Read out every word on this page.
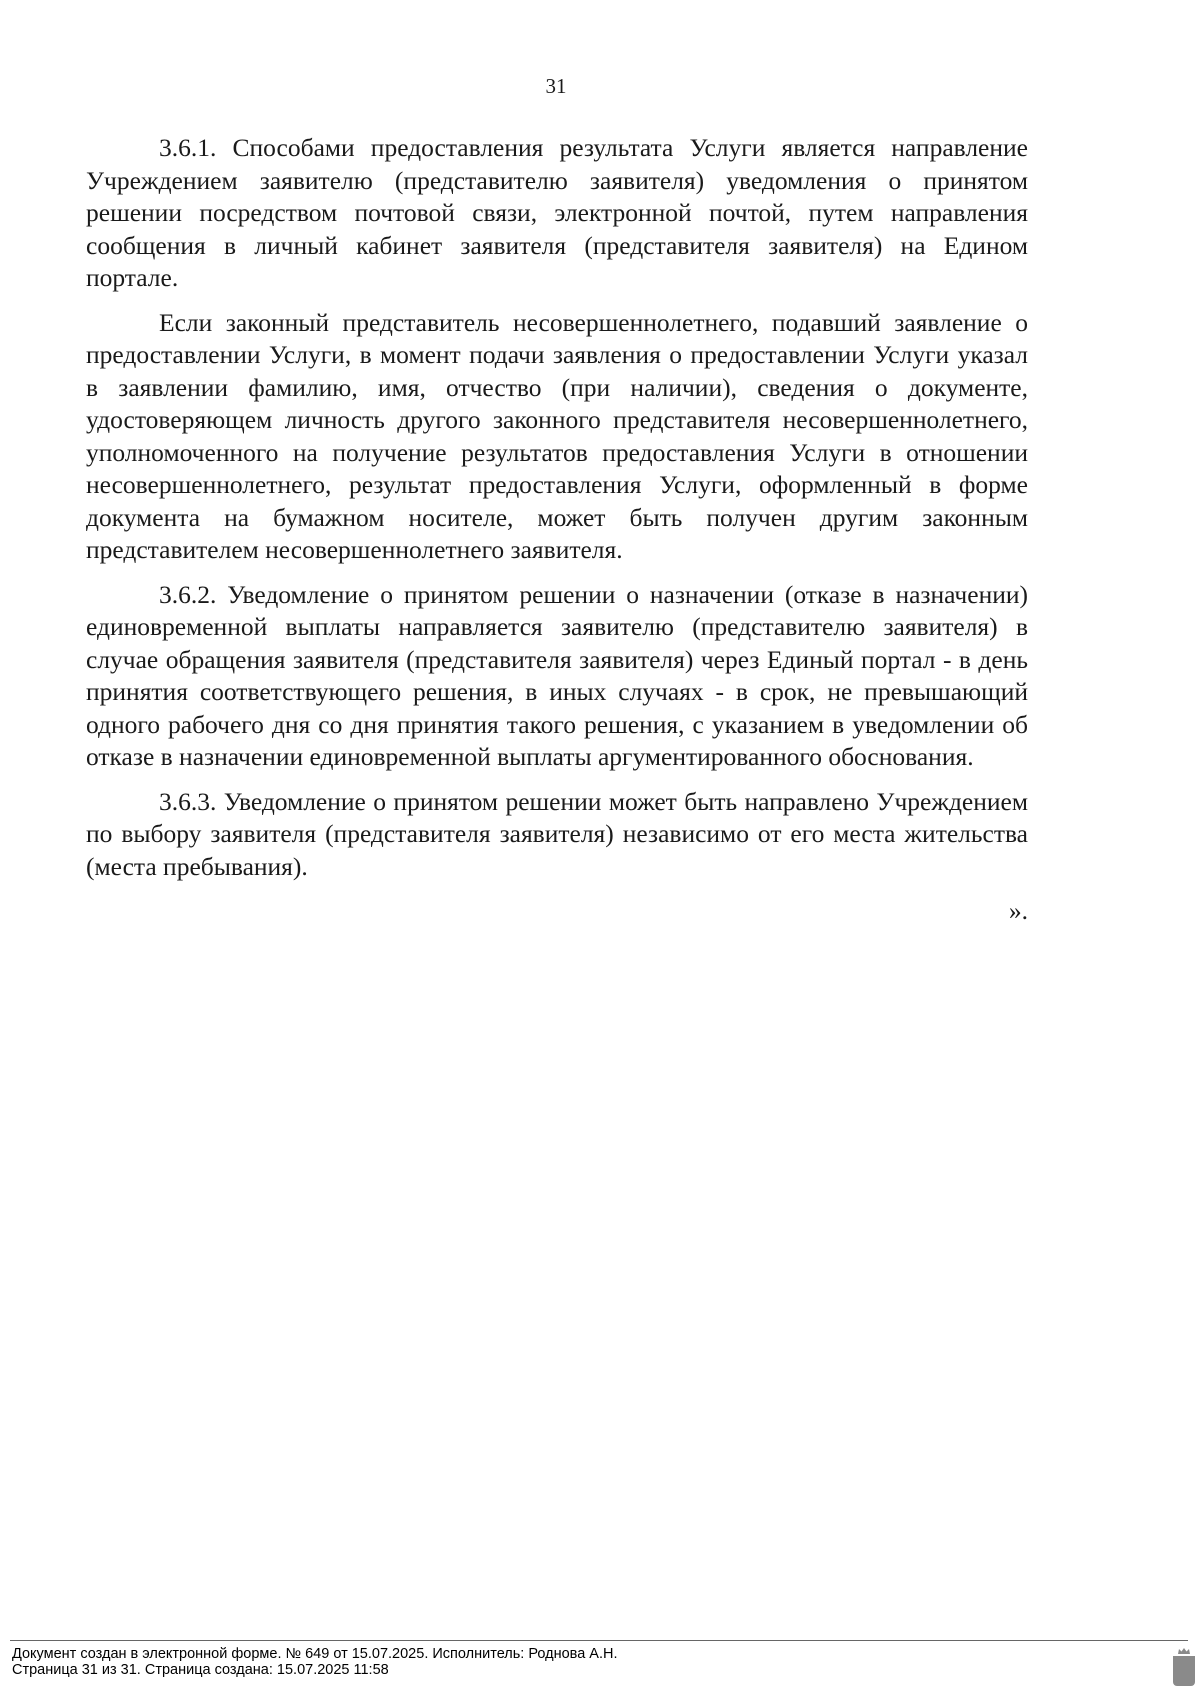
31

3.6.1. Способами предоставления результата Услуги является направление Учреждением заявителю (представителю заявителя) уведомления о принятом решении посредством почтовой связи, электронной почтой, путем направления сообщения в личный кабинет заявителя (представителя заявителя) на Едином портале.

Если законный представитель несовершеннолетнего, подавший заявление о предоставлении Услуги, в момент подачи заявления о предоставлении Услуги указал в заявлении фамилию, имя, отчество (при наличии), сведения о документе, удостоверяющем личность другого законного представителя несовершеннолетнего, уполномоченного на получение результатов предоставления Услуги в отношении несовершеннолетнего, результат предоставления Услуги, оформленный в форме документа на бумажном носителе, может быть получен другим законным представителем несовершеннолетнего заявителя.

3.6.2. Уведомление о принятом решении о назначении (отказе в назначении) единовременной выплаты направляется заявителю (представителю заявителя) в случае обращения заявителя (представителя заявителя) через Единый портал - в день принятия соответствующего решения, в иных случаях - в срок, не превышающий одного рабочего дня со дня принятия такого решения, с указанием в уведомлении об отказе в назначении единовременной выплаты аргументированного обоснования.

3.6.3. Уведомление о принятом решении может быть направлено Учреждением по выбору заявителя (представителя заявителя) независимо от его места жительства (места пребывания).

».

Документ создан в электронной форме. № 649 от 15.07.2025. Исполнитель: Роднова А.Н.
Страница 31 из 31. Страница создана: 15.07.2025 11:58
